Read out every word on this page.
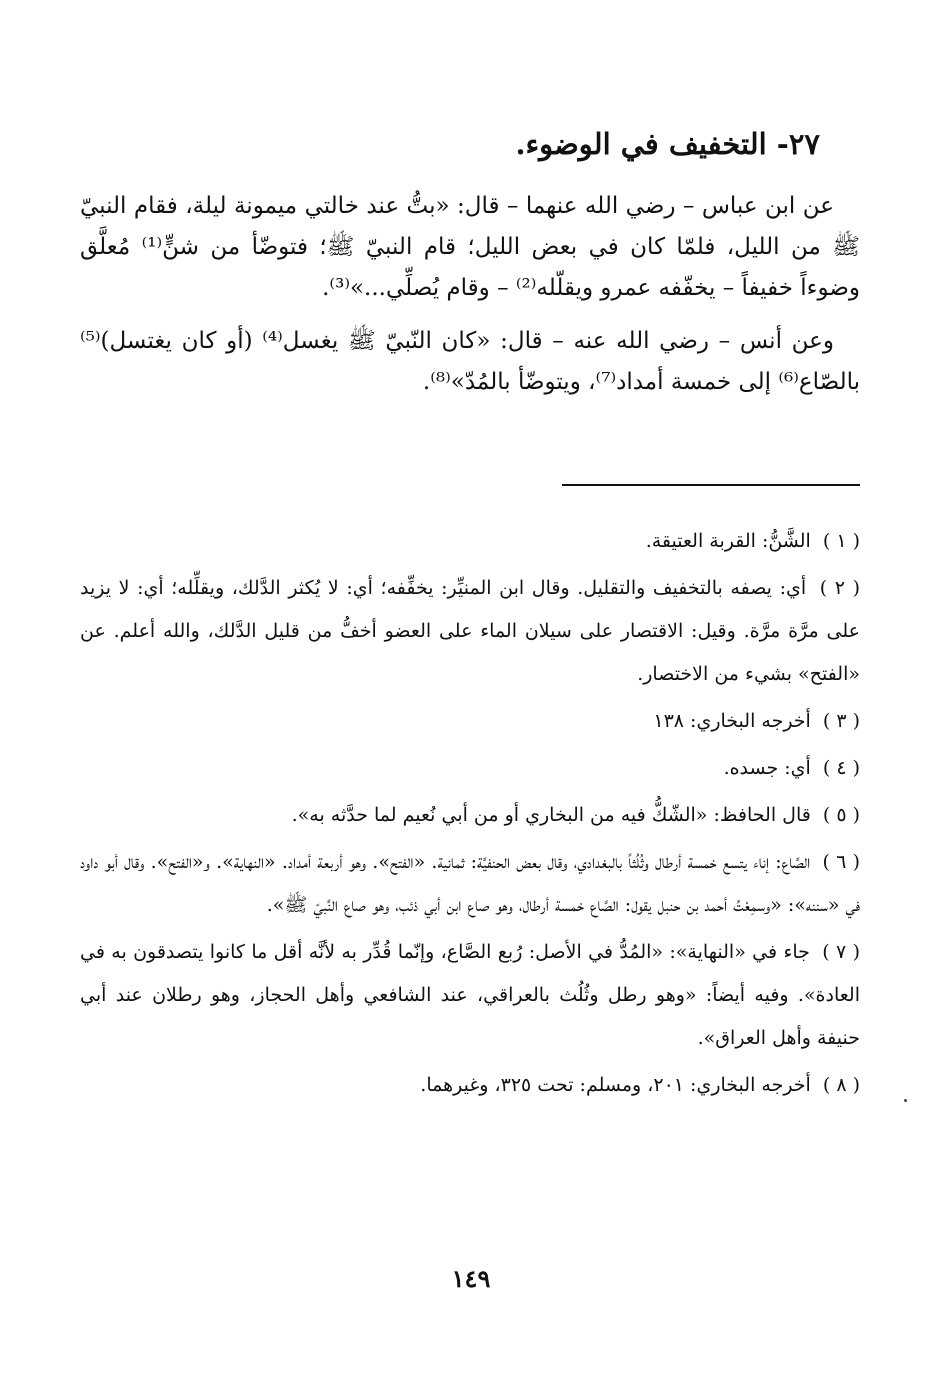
٢٧- التخفيف في الوضوء.

عن ابن عباس – رضي الله عنهما – قال: «بتُّ عند خالتي ميمونة ليلة، فقام النبيّ ﷺ من الليل، فلمّا كان في بعض الليل؛ قام النبيّ ﷺ؛ فتوضّأ من شنٍّ⁽¹⁾ مُعلَّق وضوءاً خفيفاً – يخفّفه عمرو ويقلّله⁽²⁾ – وقام يُصلِّي...»⁽³⁾.

وعن أنس – رضي الله عنه – قال: «كان النّبيّ ﷺ يغسل⁽⁴⁾ (أو كان يغتسل)⁽⁵⁾ بالصّاع⁽⁶⁾ إلى خمسة أمداد⁽⁷⁾، ويتوضّأ بالمُدّ»⁽⁸⁾.

( ١ ) الشَّنُّ: القربة العتيقة.

( ٢ ) أي: يصفه بالتخفيف والتقليل. وقال ابن المنيِّر: يخفِّفه؛ أي: لا يُكثر الدَّلك، ويقلِّله؛ أي: لا يزيد على مرَّة مرَّة. وقيل: الاقتصار على سيلان الماء على العضو أخفُّ من قليل الدَّلك، والله أعلم. عن «الفتح» بشيء من الاختصار.

( ٣ ) أخرجه البخاري: ١٣٨

( ٤ ) أي: جسده.

( ٥ ) قال الحافظ: «الشّكُّ فيه من البخاري أو من أبي نُعيم لما حدَّثه به».

( ٦ ) الصَّاع: إناء يتسع خمسة أرطال وثُلُثاً بالبغدادي، وقال بعض الحنفيَّة: ثمانية. «الفتح». وهو أربعة أمداد. «النهاية». و«الفتح». وقال أبو داود في «سننه»: «وسمِعْتُ أحمد بن حنبل يقول: الصَّاع خمسة أرطال، وهو صاع ابن أبي ذئب، وهو صاع النَّبيّ ﷺ».

( ٧ ) جاء في «النهاية»: «المُدُّ في الأصل: رُبع الصَّاع، وإنّما قُدِّر به لأنَّه أقل ما كانوا يتصدقون به في العادة». وفيه أيضاً: «وهو رطل وثُلُث بالعراقي، عند الشافعي وأهل الحجاز، وهو رطلان عند أبي حنيفة وأهل العراق».

( ٨ ) أخرجه البخاري: ٢٠١، ومسلم: تحت ٣٢٥، وغيرهما.

١٤٩
